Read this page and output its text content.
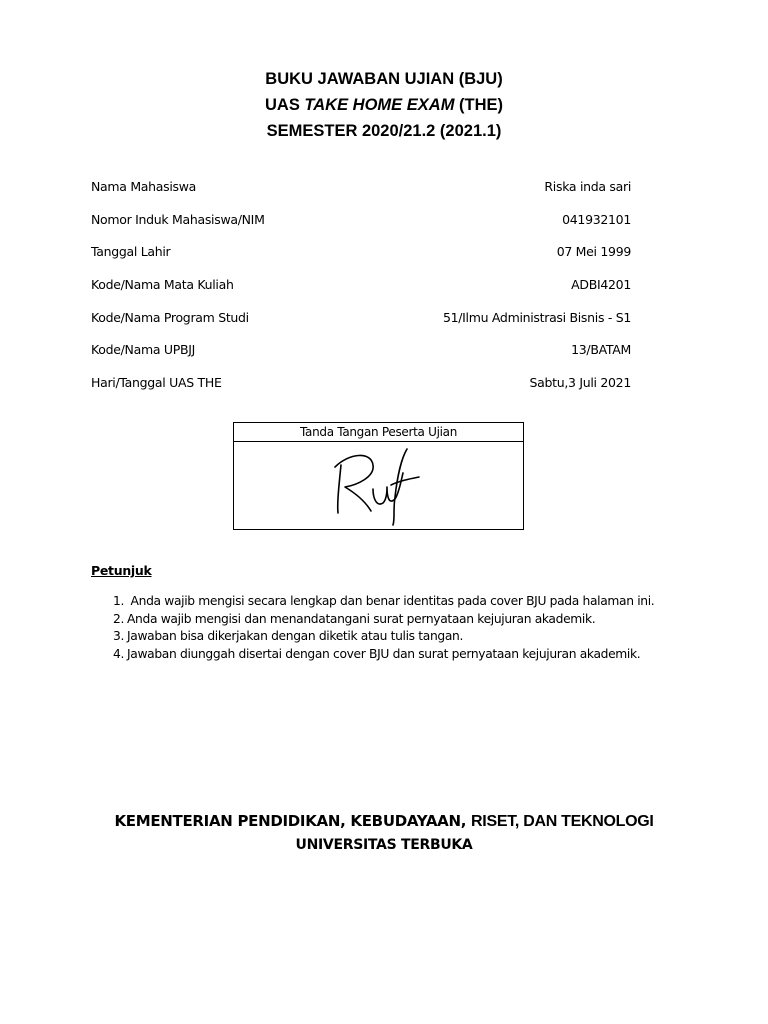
BUKU JAWABAN UJIAN (BJU)
UAS TAKE HOME EXAM (THE)
SEMESTER 2020/21.2 (2021.1)
Nama Mahasiswa	Riska inda sari
Nomor Induk Mahasiswa/NIM	041932101
Tanggal Lahir	07 Mei 1999
Kode/Nama Mata Kuliah	ADBI4201
Kode/Nama Program Studi	51/Ilmu Administrasi Bisnis - S1
Kode/Nama UPBJJ	13/BATAM
Hari/Tanggal UAS THE	Sabtu,3 Juli 2021
Tanda Tangan Peserta Ujian
Petunjuk
1. Anda wajib mengisi secara lengkap dan benar identitas pada cover BJU pada halaman ini.
2. Anda wajib mengisi dan menandatangani surat pernyataan kejujuran akademik.
3. Jawaban bisa dikerjakan dengan diketik atau tulis tangan.
4. Jawaban diunggah disertai dengan cover BJU dan surat pernyataan kejujuran akademik.
KEMENTERIAN PENDIDIKAN, KEBUDAYAAN, RISET, DAN TEKNOLOGI
UNIVERSITAS TERBUKA
